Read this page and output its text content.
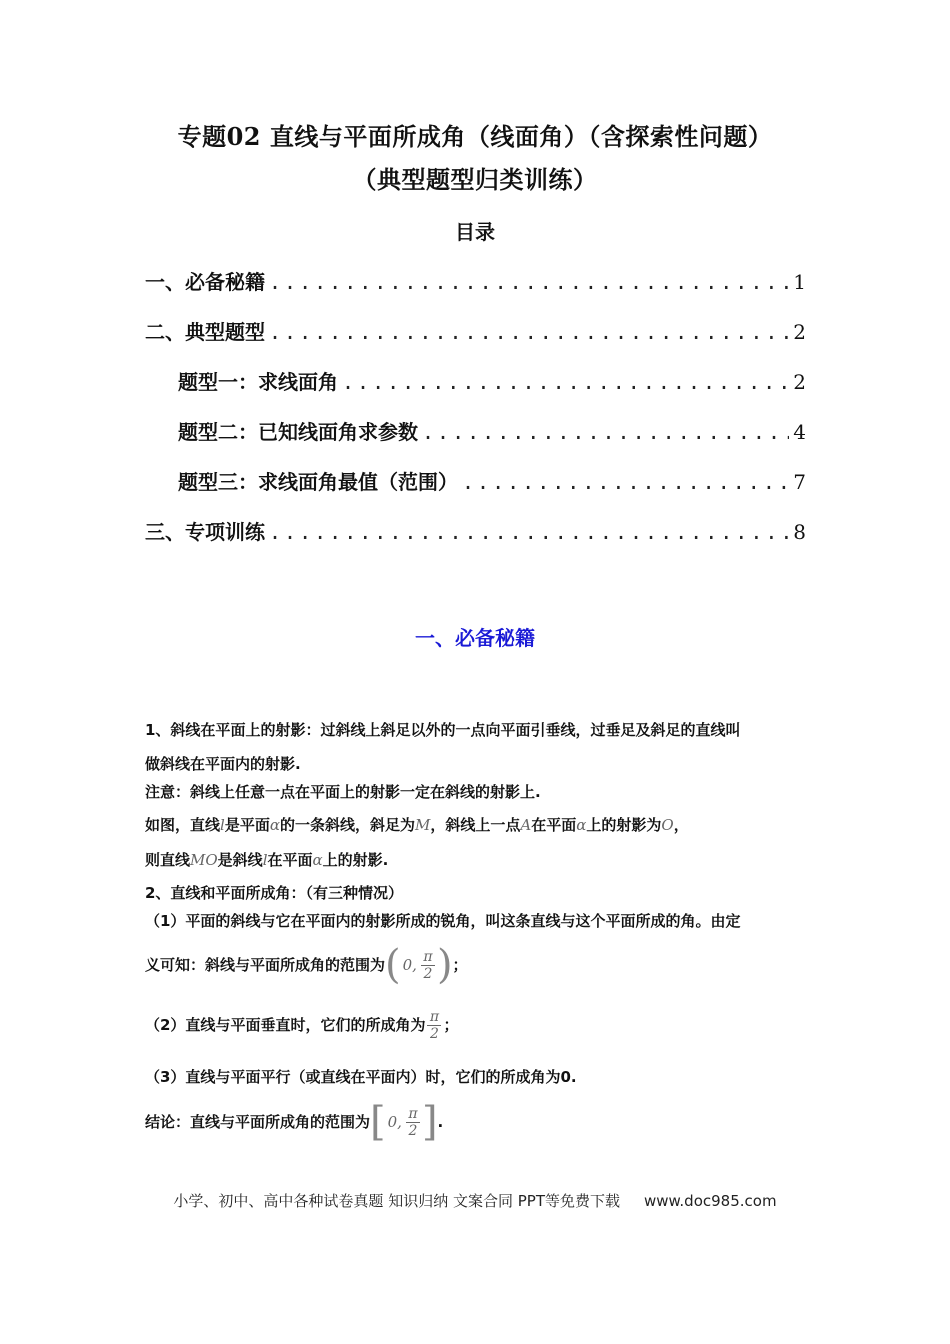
专题02 直线与平面所成角（线面角）（含探索性问题）
（典型题型归类训练）
目录
一、必备秘籍 .....	1
二、典型题型 .....	2
题型一：求线面角 .....	2
题型二：已知线面角求参数 .....	4
题型三：求线面角最值（范围） .....	7
三、专项训练 .....	8
一、必备秘籍
1、斜线在平面上的射影：过斜线上斜足以外的一点向平面引垂线，过垂足及斜足的直线叫
做斜线在平面内的射影.
注意：斜线上任意一点在平面上的射影一定在斜线的射影上.
如图，直线l是平面α的一条斜线，斜足为M，斜线上一点A在平面α上的射影为O，
则直线MO是斜线l在平面α上的射影.
2、直线和平面所成角：（有三种情况）
（1）平面的斜线与它在平面内的射影所成的锐角，叫这条直线与这个平面所成的角。由定
义可知：斜线与平面所成角的范围为 ( 0, $\frac{\pi}{2}$ ) ；
（2）直线与平面垂直时，它们的所成角为 $\frac{\pi}{2}$ ；
（3）直线与平面平行（或直线在平面内）时，它们的所成角为0.
结论：直线与平面所成角的范围为 [ 0, $\frac{\pi}{2}$ ] .
小学、初中、高中各种试卷真题 知识归纳 文案合同 PPT等免费下载 www.doc985.com
